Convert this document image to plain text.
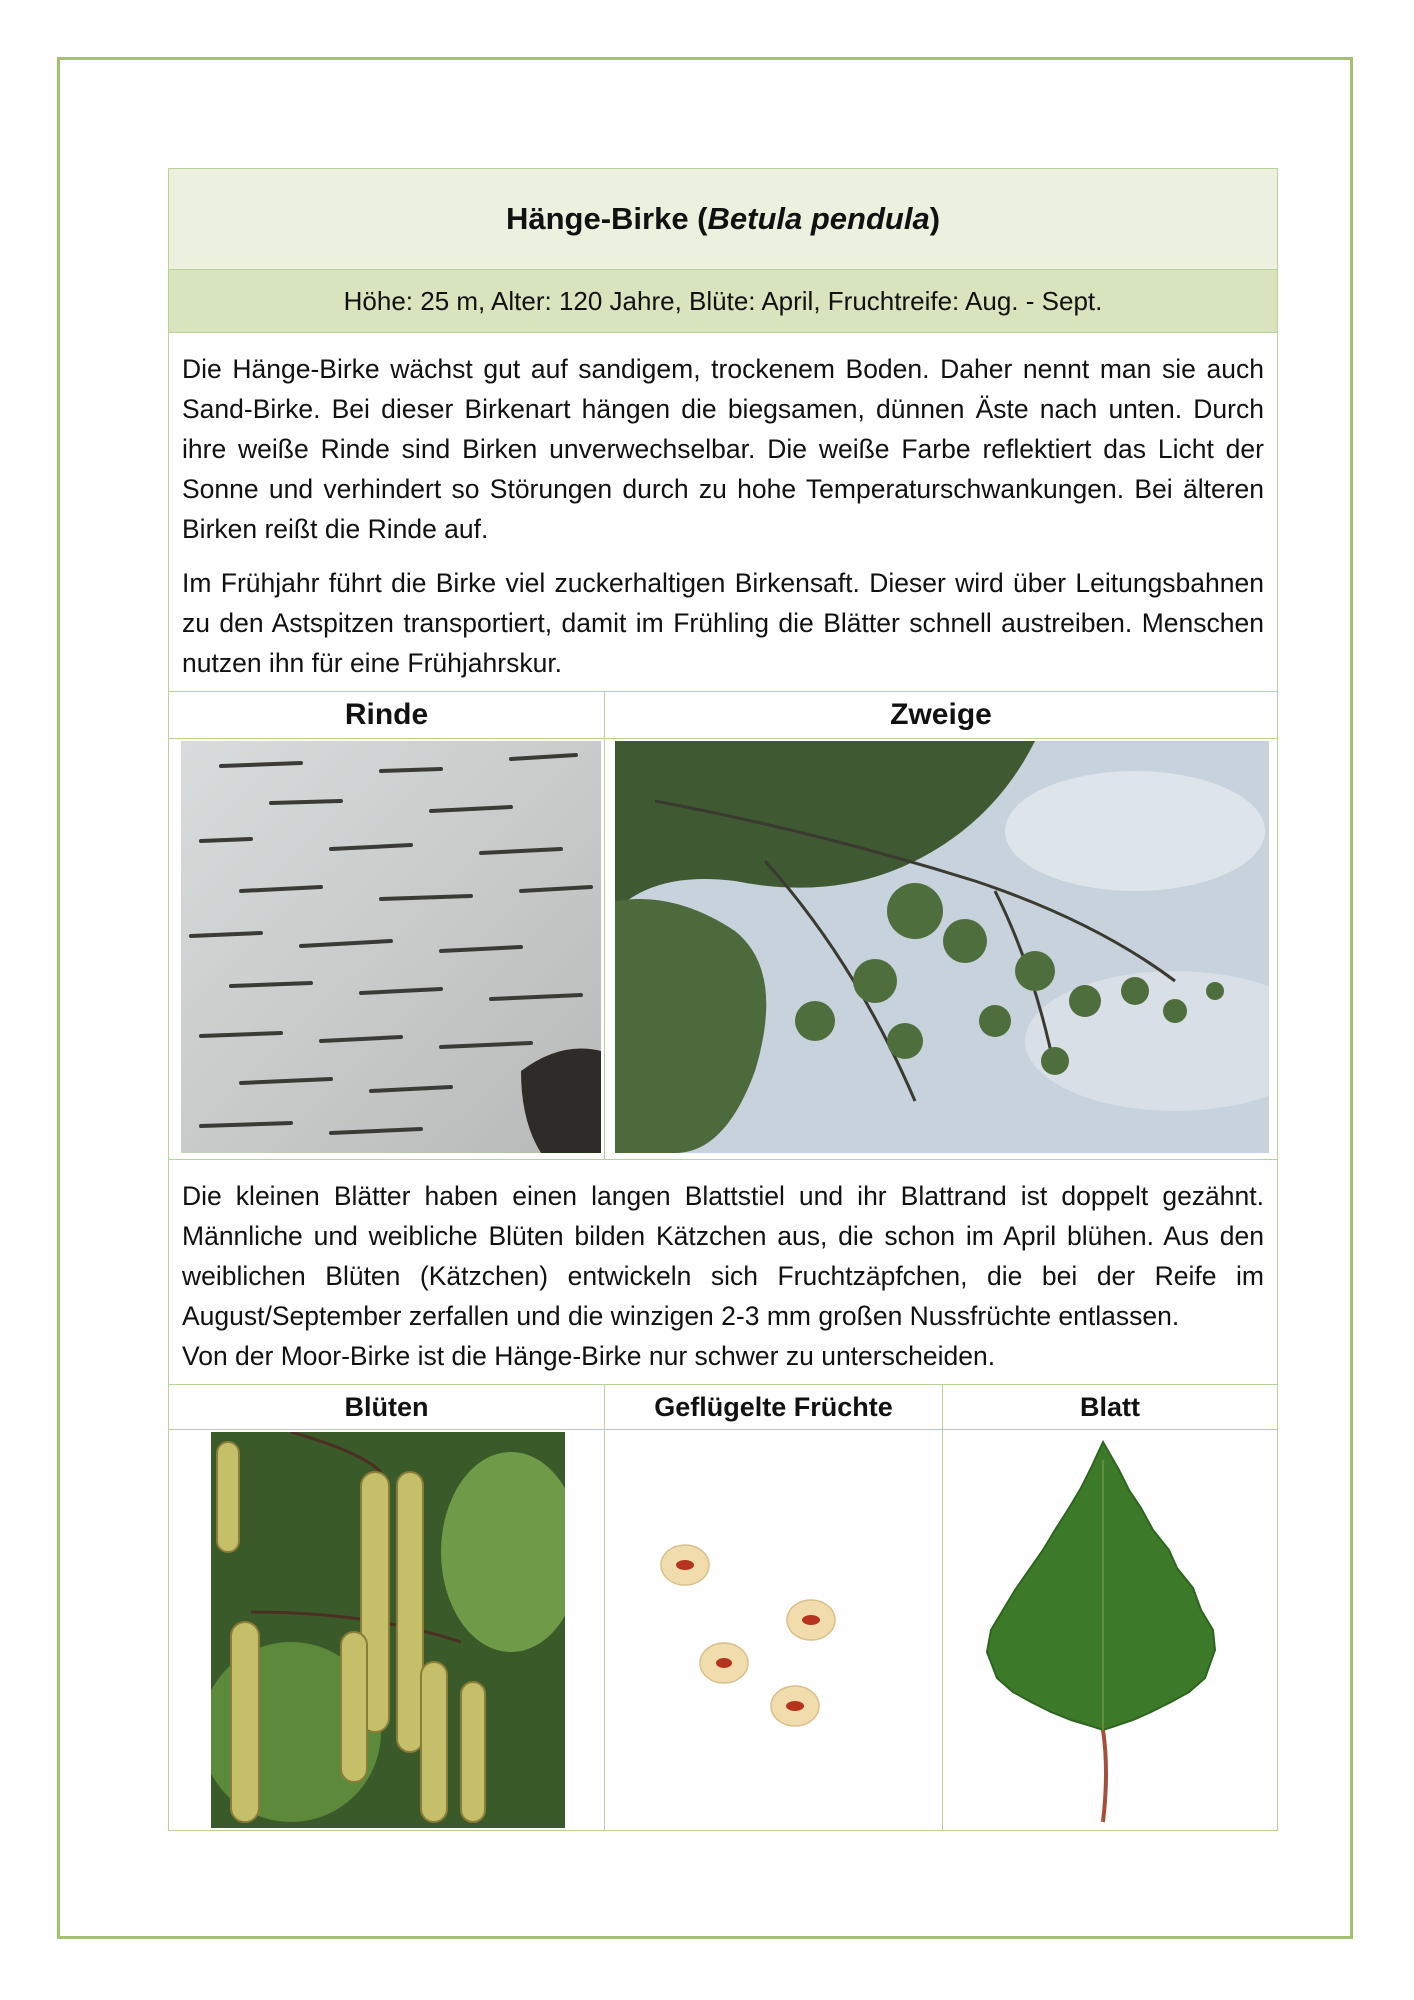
Hänge-Birke ( Betula pendula )
Höhe: 25 m, Alter: 120 Jahre, Blüte: April, Fruchtreife: Aug. - Sept.

Die Hänge-Birke wächst gut auf sandigem, trockenem Boden. Daher nennt man sie auch Sand-Birke. Bei dieser Birkenart hängen die biegsamen, dünnen Äste nach unten. Durch ihre weiße Rinde sind Birken unverwechselbar. Die weiße Farbe reflektiert das Licht der Sonne und verhindert so Störungen durch zu hohe Temperaturschwankungen. Bei älteren Birken reißt die Rinde auf.

Im Frühjahr führt die Birke viel zuckerhaltigen Birkensaft. Dieser wird über Leitungsbahnen zu den Astspitzen transportiert, damit im Frühling die Blätter schnell austreiben. Menschen nutzen ihn für eine Frühjahrskur.

Rinde	Zweige

Die kleinen Blätter haben einen langen Blattstiel und ihr Blattrand ist doppelt gezähnt. Männliche und weibliche Blüten bilden Kätzchen aus, die schon im April blühen. Aus den weiblichen Blüten (Kätzchen) entwickeln sich Fruchtzäpfchen, die bei der Reife im August/September zerfallen und die winzigen 2-3 mm großen Nussfrüchte entlassen.

Von der Moor-Birke ist die Hänge-Birke nur schwer zu unterscheiden.

Blüten	Geflügelte Früchte	Blatt
